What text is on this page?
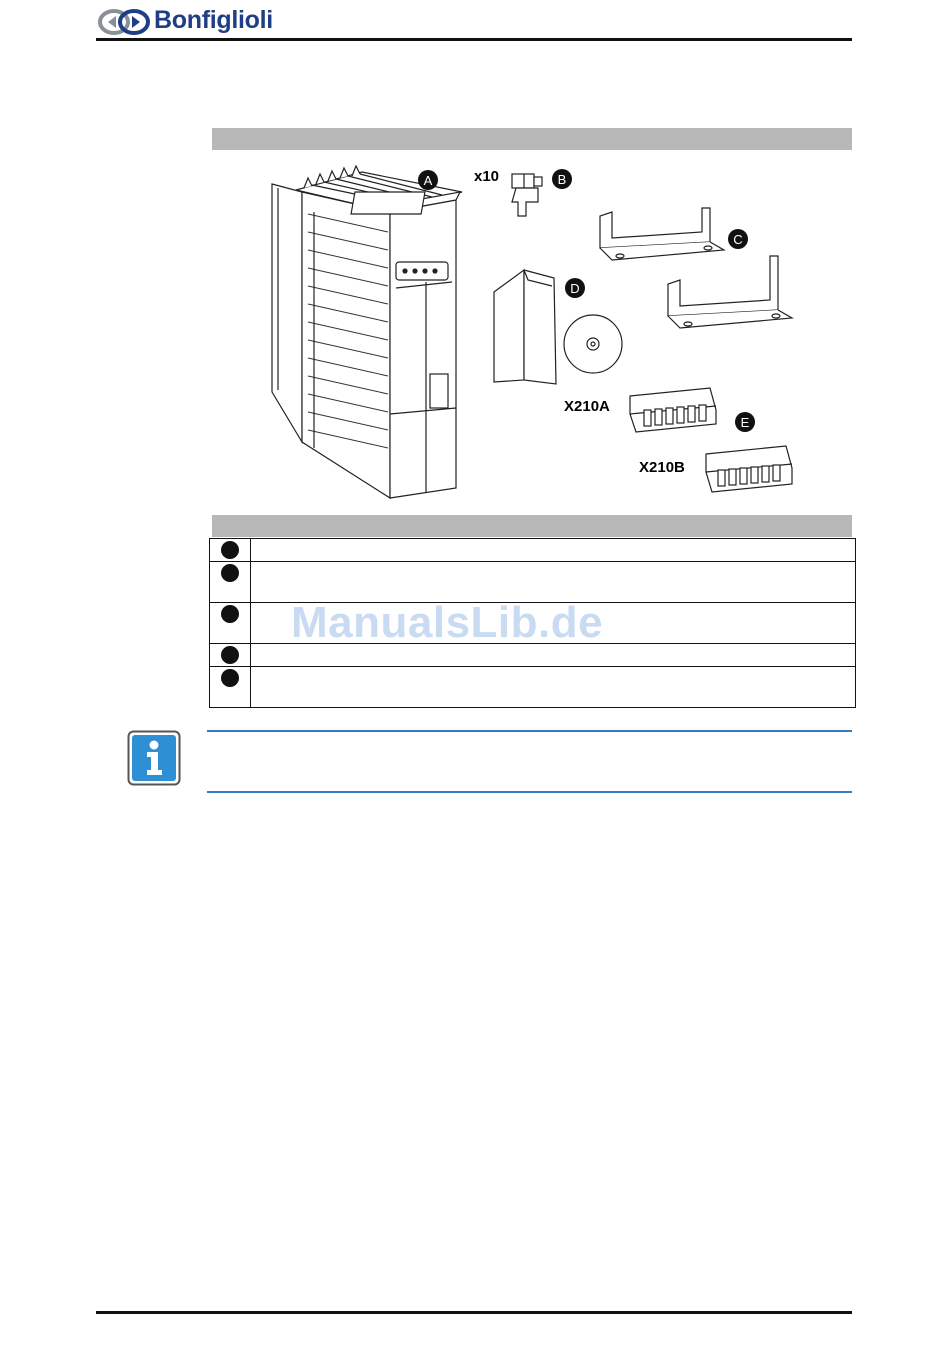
Bonfiglioli
A	B
C
D
E
x10
X210A
X210B

ManualsLib.de
